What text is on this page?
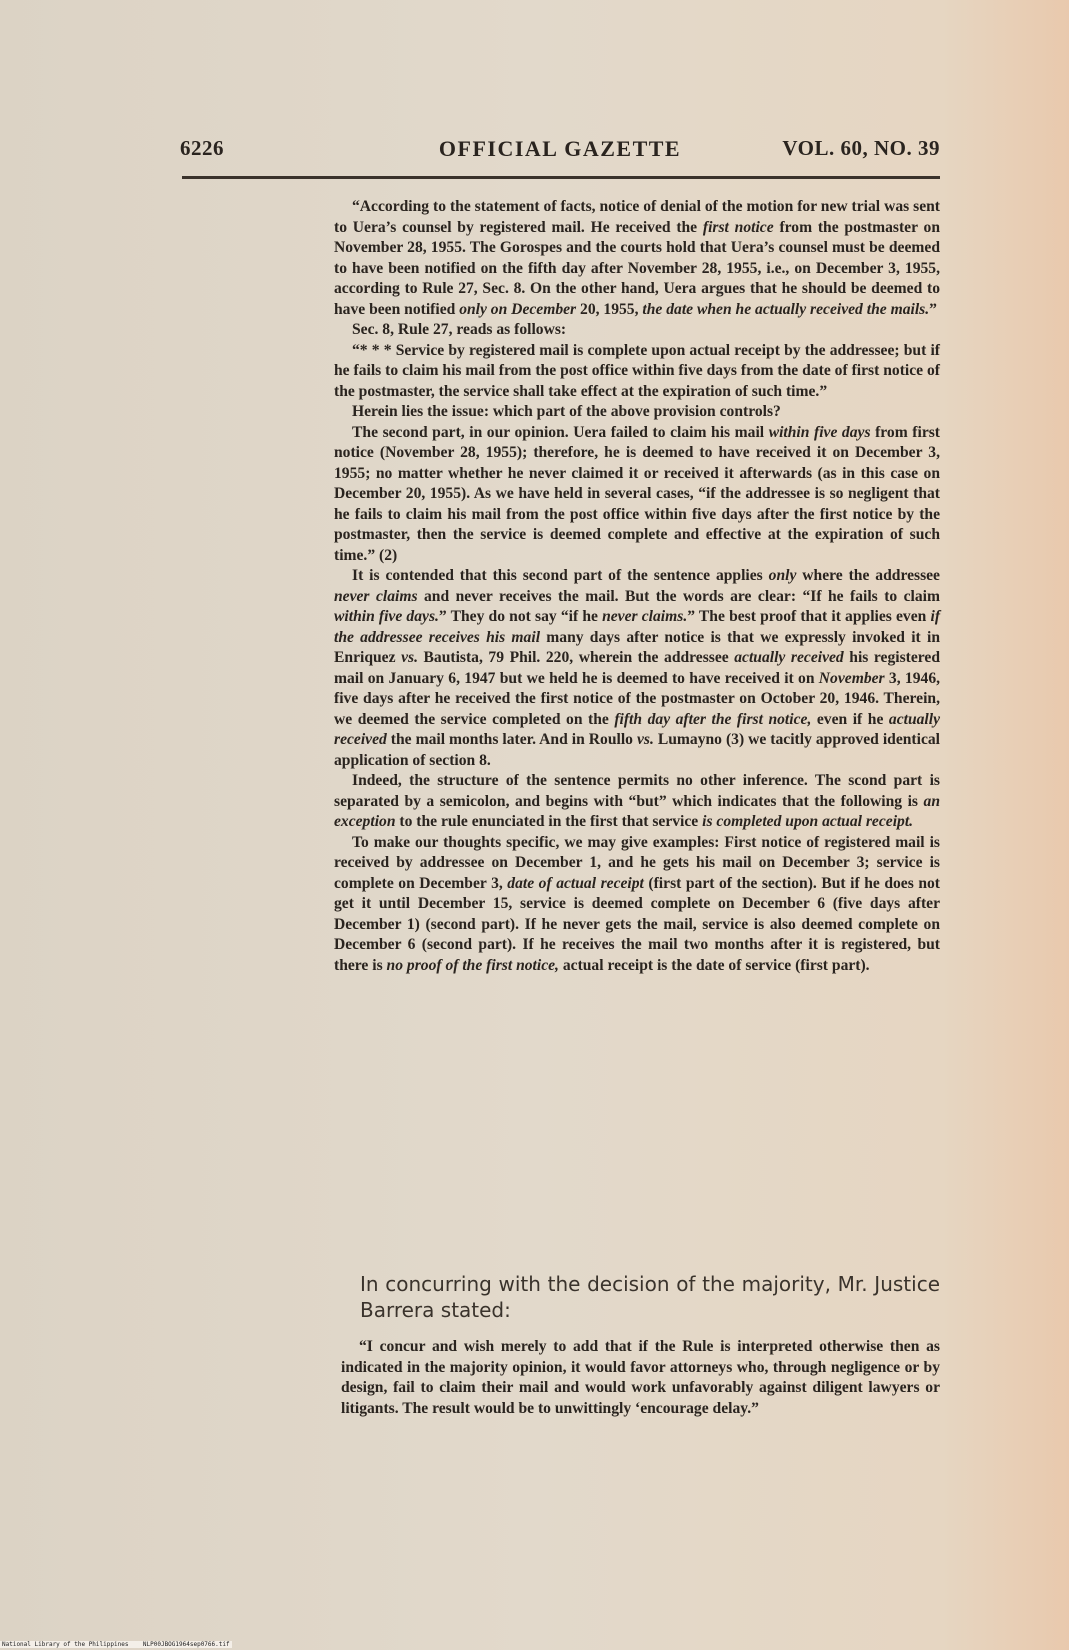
6226	OFFICIAL GAZETTE	VOL. 60, NO. 39

“According to the statement of facts, notice of denial of the motion for new trial was sent to Uera’s counsel by registered mail. He received the first notice from the postmaster on November 28, 1955. The Gorospes and the courts hold that Uera’s counsel must be deemed to have been notified on the fifth day after November 28, 1955, i.e., on December 3, 1955, according to Rule 27, Sec. 8. On the other hand, Uera argues that he should be deemed to have been notified only on December 20, 1955, the date when he actually received the mails.”

Sec. 8, Rule 27, reads as follows:

“* * * Service by registered mail is complete upon actual receipt by the addressee; but if he fails to claim his mail from the post office within five days from the date of first notice of the postmaster, the service shall take effect at the expiration of such time.”

Herein lies the issue: which part of the above provision controls?

The second part, in our opinion. Uera failed to claim his mail within five days from first notice (November 28, 1955); therefore, he is deemed to have received it on December 3, 1955; no matter whether he never claimed it or received it afterwards (as in this case on December 20, 1955). As we have held in several cases, “if the addressee is so negligent that he fails to claim his mail from the post office within five days after the first notice by the postmaster, then the service is deemed complete and effective at the expiration of such time.” (2)

It is contended that this second part of the sentence applies only where the addressee never claims and never receives the mail. But the words are clear: “If he fails to claim within five days.” They do not say “if he never claims.” The best proof that it applies even if the addressee receives his mail many days after notice is that we expressly invoked it in Enriquez vs. Bautista, 79 Phil. 220, wherein the addressee actually received his registered mail on January 6, 1947 but we held he is deemed to have received it on November 3, 1946, five days after he received the first notice of the postmaster on October 20, 1946. Therein, we deemed the service completed on the fifth day after the first notice, even if he actually received the mail months later. And in Roullo vs. Lumayno (3) we tacitly approved identical application of section 8.

Indeed, the structure of the sentence permits no other inference. The scond part is separated by a semicolon, and begins with “but” which indicates that the following is an exception to the rule enunciated in the first that service is completed upon actual receipt.

To make our thoughts specific, we may give examples: First notice of registered mail is received by addressee on December 1, and he gets his mail on December 3; service is complete on December 3, date of actual receipt (first part of the section). But if he does not get it until December 15, service is deemed complete on December 6 (five days after December 1) (second part). If he never gets the mail, service is also deemed complete on December 6 (second part). If he receives the mail two months after it is registered, but there is no proof of the first notice, actual receipt is the date of service (first part).

In concurring with the decision of the majority, Mr. Justice Barrera stated:

“I concur and wish merely to add that if the Rule is interpreted otherwise then as indicated in the majority opinion, it would favor attorneys who, through negligence or by design, fail to claim their mail and would work unfavorably against diligent lawyers or litigants. The result would be to unwittingly ‘encourage delay.”

National Library of the Philippines NLP00JBOG1964sep0766.tif
